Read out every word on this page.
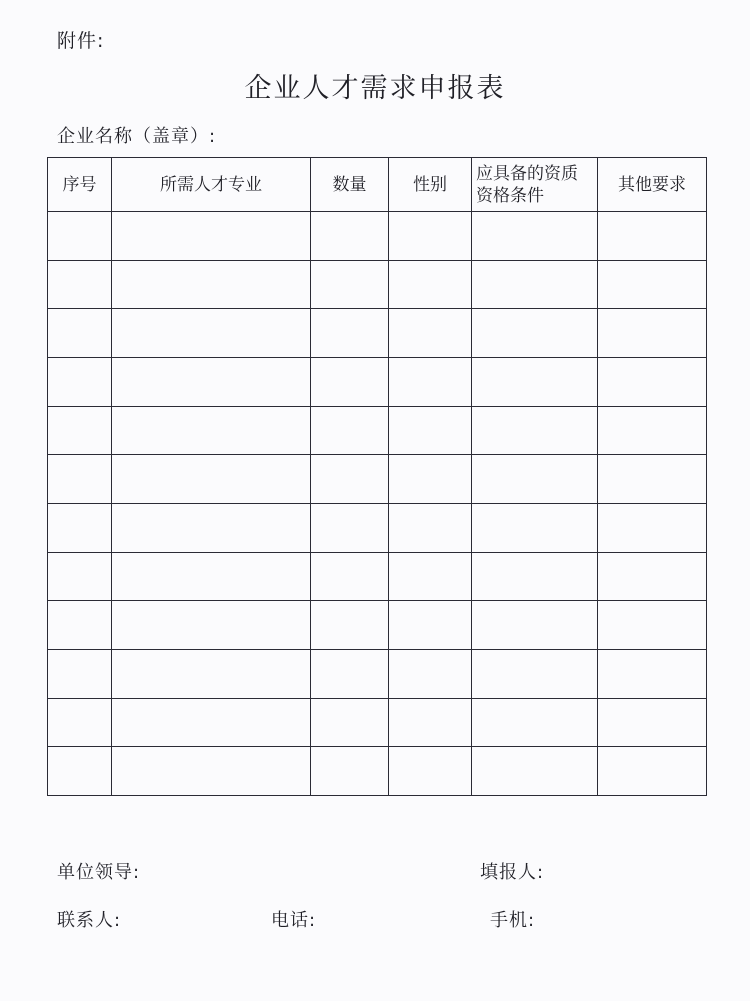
附件:
企业人才需求申报表
企业名称（盖章）:
序号	所需人才专业	数量	性别	应具备的资质资格条件	其他要求

单位领导:	填报人:
联系人:	电话:	手机:
